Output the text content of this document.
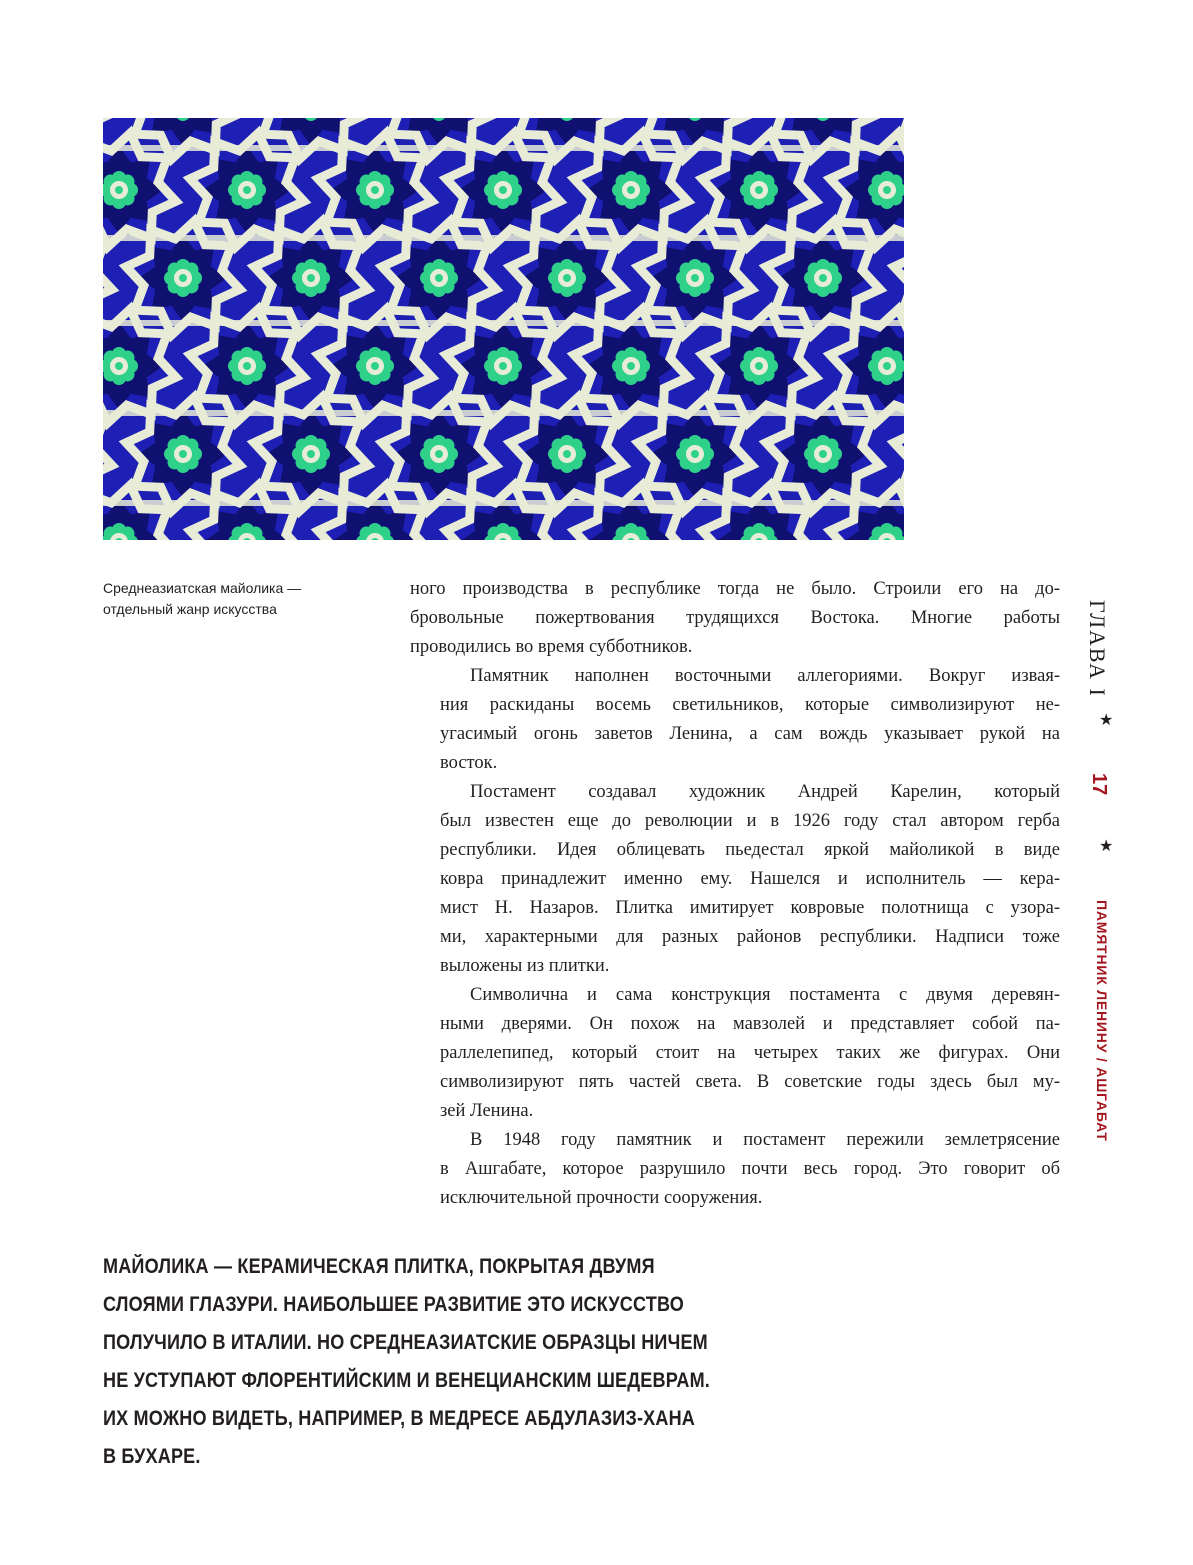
Среднеазиатская майолика —
отдельный жанр искусства

ного производства в республике тогда не было. Строили его на до-
бровольные пожертвования трудящихся Востока. Многие работы
проводились во время субботников.

Памятник наполнен восточными аллегориями. Вокруг извая-
ния раскиданы восемь светильников, которые символизируют не-
угасимый огонь заветов Ленина, а сам вождь указывает рукой на
восток.

Постамент создавал художник Андрей Карелин, который
был известен еще до революции и в 1926 году стал автором герба
республики. Идея облицевать пьедестал яркой майоликой в виде
ковра принадлежит именно ему. Нашелся и исполнитель — кера-
мист Н. Назаров. Плитка имитирует ковровые полотнища с узора-
ми, характерными для разных районов республики. Надписи тоже
выложены из плитки.

Символична и сама конструкция постамента с двумя деревян-
ными дверями. Он похож на мавзолей и представляет собой па-
раллелепипед, который стоит на четырех таких же фигурах. Они
символизируют пять частей света. В советские годы здесь был му-
зей Ленина.

В 1948 году памятник и постамент пережили землетрясение
в Ашгабате, которое разрушило почти весь город. Это говорит об
исключительной прочности сооружения.

МАЙОЛИКА — КЕРАМИЧЕСКАЯ ПЛИТКА, ПОКРЫТАЯ ДВУМЯ
СЛОЯМИ ГЛАЗУРИ. НАИБОЛЬШЕЕ РАЗВИТИЕ ЭТО ИСКУССТВО
ПОЛУЧИЛО В ИТАЛИИ. НО СРЕДНЕАЗИАТСКИЕ ОБРАЗЦЫ НИЧЕМ
НЕ УСТУПАЮТ ФЛОРЕНТИЙСКИМ И ВЕНЕЦИАНСКИМ ШЕДЕВРАМ.
ИХ МОЖНО ВИДЕТЬ, НАПРИМЕР, В МЕДРЕСЕ АБДУЛАЗИЗ-ХАНА
В БУХАРЕ.
ГЛАВА I
★
17
★
ПАМЯТНИК ЛЕНИНУ / АШГАБАТ
